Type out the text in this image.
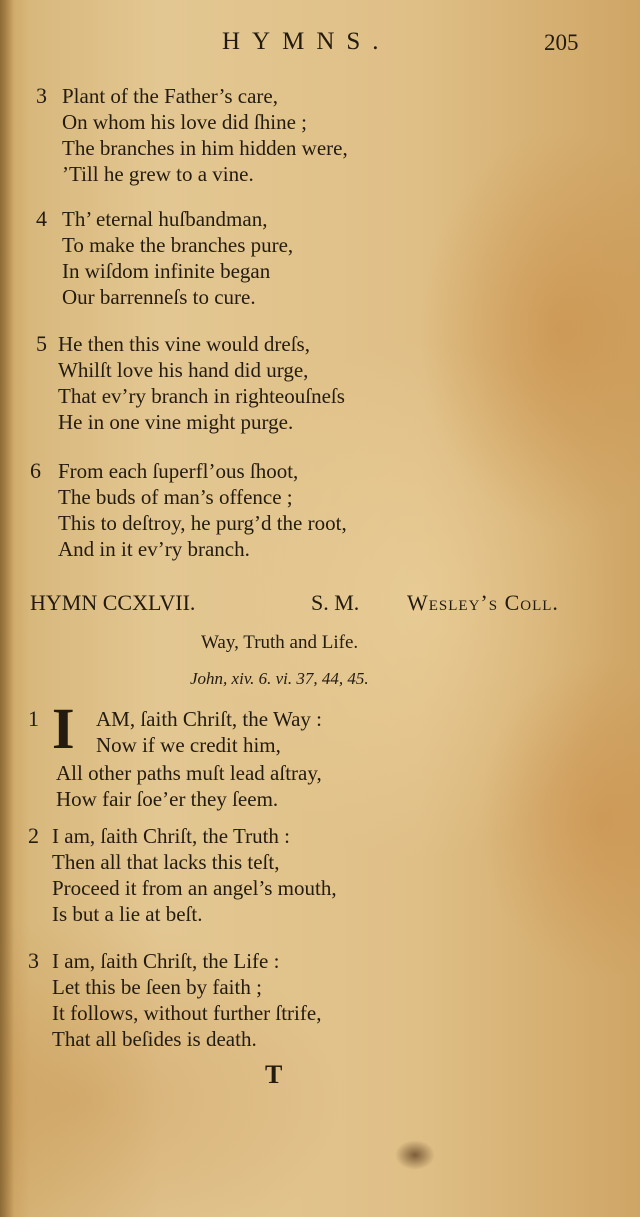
HYMNS.	205
3 Plant of the Father’s care,
On whom his love did ſhine ;
The branches in him hidden were,
’Till he grew to a vine.
4 Th’ eternal huſbandman,
To make the branches pure,
In wiſdom infinite began
Our barrenneſs to cure.
5 He then this vine would dreſs,
Whilſt love his hand did urge,
That ev’ry branch in righteouſneſs
He in one vine might purge.
6 From each ſuperfl’ous ſhoot,
The buds of man’s offence ;
This to deſtroy, he purg’d the root,
And in it ev’ry branch.
HYMN CCXLVII.	S. M. Wesley’s Coll.
Way, Truth and Life.
John, xiv. 6. vi. 37, 44, 45.
1	AM, ſaith Chriſt, the Way :
Now if we credit him,
All other paths muſt lead aſtray,
How fair ſoe’er they ſeem.
I
2 I am, ſaith Chriſt, the Truth :
Then all that lacks this teſt,
Proceed it from an angel’s mouth,
Is but a lie at beſt.
3 I am, ſaith Chriſt, the Life :
Let this be ſeen by faith ;
It follows, without further ſtrife,
That all beſides is death.
T
